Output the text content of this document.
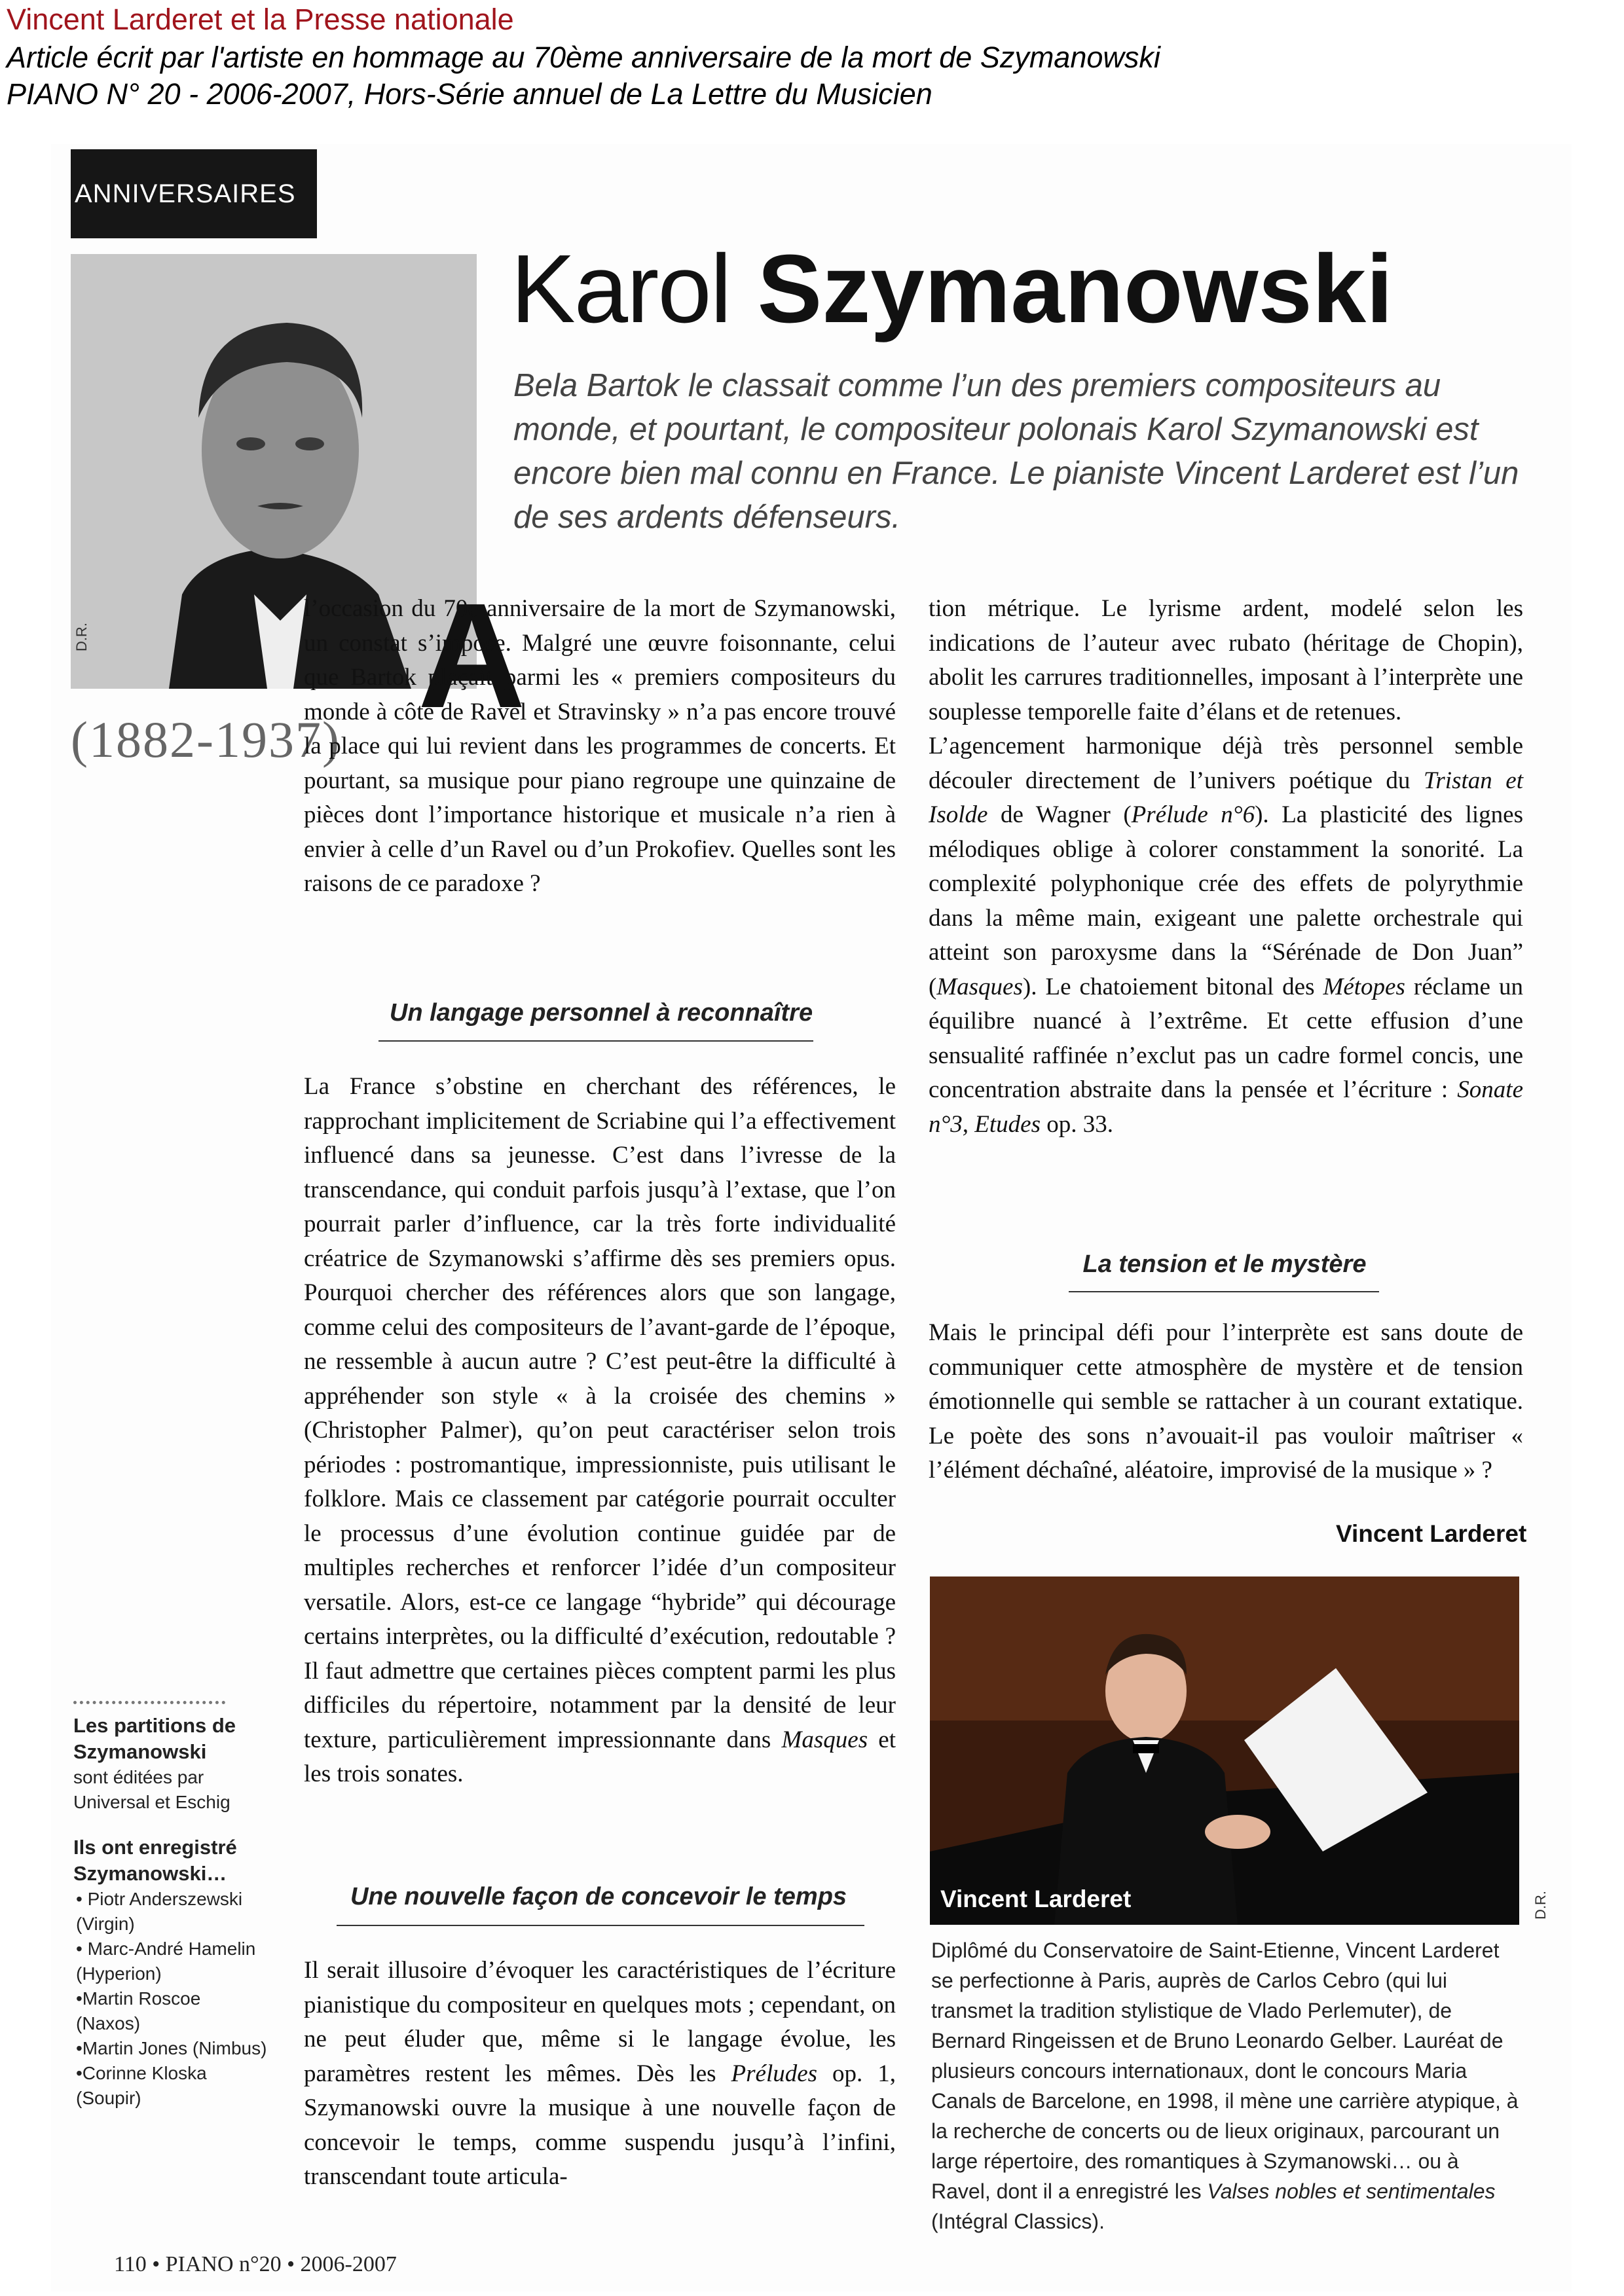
Vincent Larderet et la Presse nationale
Article écrit par l'artiste en hommage au 70ème anniversaire de la mort de Szymanowski
PIANO N° 20 - 2006-2007, Hors-Série annuel de La Lettre du Musicien
ANNIVERSAIRES
D.R.
(1882-1937)
Karol Szymanowski
Bela Bartok le classait comme l’un des premiers compositeurs au monde, et pourtant, le compositeur polonais Karol Szymanowski est encore bien mal connu en France. Le pianiste Vincent Larderet est l’un de ses ardents défenseurs.
A

l’occasion du 70e anniversaire de la mort de Szymanowski, un constat s’impose. Malgré une œuvre foisonnante, celui que Bartok plaçait parmi les « premiers compositeurs du monde à côté de Ravel et Stravinsky » n’a pas encore trouvé la place qui lui revient dans les programmes de concerts. Et pourtant, sa musique pour piano regroupe une quinzaine de pièces dont l’importance historique et musicale n’a rien à envier à celle d’un Ravel ou d’un Prokofiev. Quelles sont les raisons de ce paradoxe ?

Un langage personnel à reconnaître

La France s’obstine en cherchant des références, le rapprochant implicitement de Scriabine qui l’a effectivement influencé dans sa jeunesse. C’est dans l’ivresse de la transcendance, qui conduit parfois jusqu’à l’extase, que l’on pourrait parler d’influence, car la très forte individualité créatrice de Szymanowski s’affirme dès ses premiers opus. Pourquoi chercher des références alors que son langage, comme celui des compositeurs de l’avant-garde de l’époque, ne ressemble à aucun autre ? C’est peut-être la difficulté à appréhender son style « à la croisée des chemins » (Christopher Palmer), qu’on peut caractériser selon trois périodes : postromantique, impressionniste, puis utilisant le folklore. Mais ce classement par catégorie pourrait occulter le processus d’une évolution continue guidée par de multiples recherches et renforcer l’idée d’un compositeur versatile. Alors, est-ce ce langage “hybride” qui décourage certains interprètes, ou la difficulté d’exécution, redoutable ? Il faut admettre que certaines pièces comptent parmi les plus difficiles du répertoire, notamment par la densité de leur texture, particulièrement impressionnante dans Masques et les trois sonates.

Une nouvelle façon de concevoir le temps

Il serait illusoire d’évoquer les caractéristiques de l’écriture pianistique du compositeur en quelques mots ; cependant, on ne peut éluder que, même si le langage évolue, les paramètres restent les mêmes. Dès les Préludes op. 1, Szymanowski ouvre la musique à une nouvelle façon de concevoir le temps, comme suspendu jusqu’à l’infini, transcendant toute articula-

tion métrique. Le lyrisme ardent, modelé selon les indications de l’auteur avec rubato (héritage de Chopin), abolit les carrures traditionnelles, imposant à l’interprète une souplesse temporelle faite d’élans et de retenues.

L’agencement harmonique déjà très personnel semble découler directement de l’univers poétique du Tristan et Isolde de Wagner (Prélude n°6). La plasticité des lignes mélodiques oblige à colorer constamment la sonorité. La complexité polyphonique crée des effets de polyrythmie dans la même main, exigeant une palette orchestrale qui atteint son paroxysme dans la “Sérénade de Don Juan” (Masques). Le chatoiement bitonal des Métopes réclame un équilibre nuancé à l’extrême. Et cette effusion d’une sensualité raffinée n’exclut pas un cadre formel concis, une concentration abstraite dans la pensée et l’écriture : Sonate n°3, Etudes op. 33.

La tension et le mystère

Mais le principal défi pour l’interprète est sans doute de communiquer cette atmosphère de mystère et de tension émotionnelle qui semble se rattacher à un courant extatique. Le poète des sons n’avouait-il pas vouloir maîtriser « l’élément déchaîné, aléatoire, improvisé de la musique » ?

Vincent Larderet
Vincent Larderet	D.R.

Diplômé du Conservatoire de Saint-Etienne, Vincent Larderet se perfectionne à Paris, auprès de Carlos Cebro (qui lui transmet la tradition stylistique de Vlado Perlemuter), de Bernard Ringeissen et de Bruno Leonardo Gelber. Lauréat de plusieurs concours internationaux, dont le concours Maria Canals de Barcelone, en 1998, il mène une carrière atypique, à la recherche de concerts ou de lieux originaux, parcourant un large répertoire, des romantiques à Szymanowski… ou à Ravel, dont il a enregistré les Valses nobles et sentimentales (Intégral Classics).

Les partitions de Szymanowski
sont éditées par Universal et Eschig
Ils ont enregistré Szymanowski…
• Piotr Anderszewski (Virgin)
• Marc-André Hamelin (Hyperion)
•Martin Roscoe (Naxos)
•Martin Jones (Nimbus)
•Corinne Kloska (Soupir)
110 • PIANO n°20 • 2006-2007
